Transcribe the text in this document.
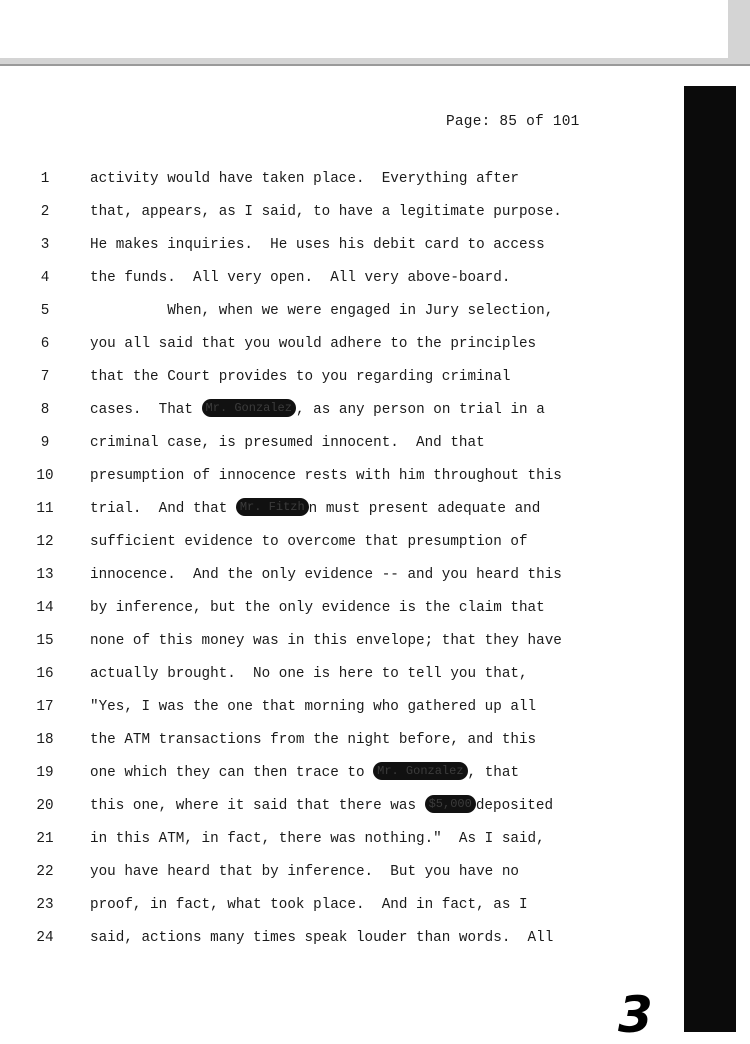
Page: 85 of 101
1	activity would have taken place.  Everything after
2	that, appears, as I said, to have a legitimate purpose.
3	He makes inquiries.  He uses his debit card to access
4	the funds.  All very open.  All very above-board.
5	When, when we were engaged in Jury selection,
6	you all said that you would adhere to the principles
7	that the Court provides to you regarding criminal
8	cases.  That Mr. Gonzalez , as any person on trial in a
9	criminal case, is presumed innocent.  And that
10	presumption of innocence rests with him throughout this
11	trial.  And that Mr. Fitzh n must present adequate and
12	sufficient evidence to overcome that presumption of
13	innocence.  And the only evidence -- and you heard this
14	by inference, but the only evidence is the claim that
15	none of this money was in this envelope; that they have
16	actually brought.  No one is here to tell you that,
17	"Yes, I was the one that morning who gathered up all
18	the ATM transactions from the night before, and this
19	one which they can then trace to Mr. Gonzalez , that
20	this one, where it said that there was $5,000 deposited
21	in this ATM, in fact, there was nothing."  As I said,
22	you have heard that by inference.  But you have no
23	proof, in fact, what took place.  And in fact, as I
24	said, actions many times speak louder than words.  All
3
